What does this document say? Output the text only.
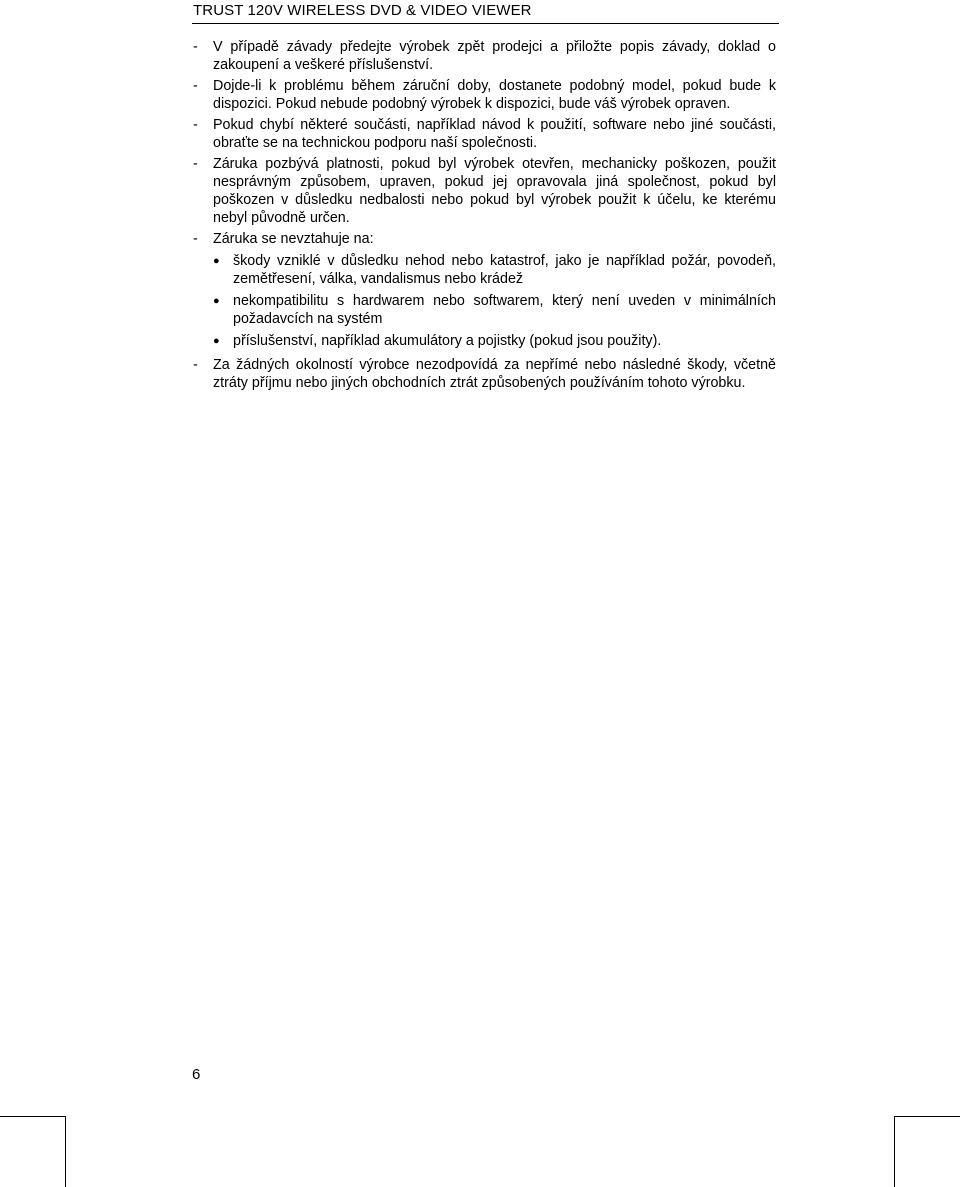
TRUST 120V WIRELESS DVD & VIDEO VIEWER
- V případě závady předejte výrobek zpět prodejci a přiložte popis závady, doklad o zakoupení a veškeré příslušenství.
- Dojde-li k problému během záruční doby, dostanete podobný model, pokud bude k dispozici. Pokud nebude podobný výrobek k dispozici, bude váš výrobek opraven.
- Pokud chybí některé součásti, například návod k použití, software nebo jiné součásti, obraťte se na technickou podporu naší společnosti.
- Záruka pozbývá platnosti, pokud byl výrobek otevřen, mechanicky poškozen, použit nesprávným způsobem, upraven, pokud jej opravovala jiná společnost, pokud byl poškozen v důsledku nedbalosti nebo pokud byl výrobek použit k účelu, ke kterému nebyl původně určen.
- Záruka se nevztahuje na:
● škody vzniklé v důsledku nehod nebo katastrof, jako je například požár, povodeň, zemětřesení, válka, vandalismus nebo krádež
● nekompatibilitu s hardwarem nebo softwarem, který není uveden v minimálních požadavcích na systém
● příslušenství, například akumulátory a pojistky (pokud jsou použity).
- Za žádných okolností výrobce nezodpovídá za nepřímé nebo následné škody, včetně ztráty příjmu nebo jiných obchodních ztrát způsobených používáním tohoto výrobku.
6
